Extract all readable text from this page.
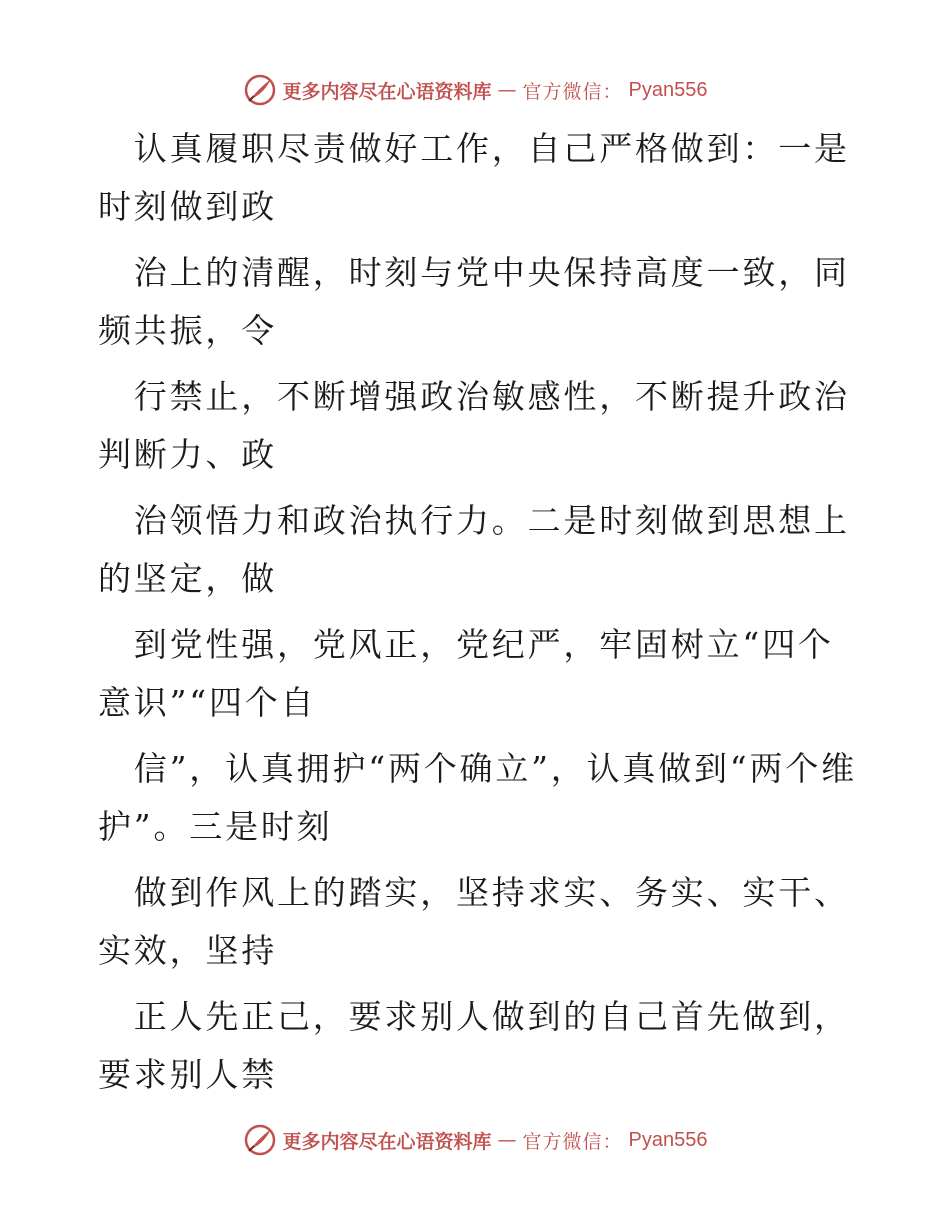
更多内容尽在心语资料库 — 官方微信： Pyan556

　认真履职尽责做好工作，自己严格做到：一是时刻做到政

　治上的清醒，时刻与党中央保持高度一致，同频共振，令

　行禁止，不断增强政治敏感性，不断提升政治判断力、政

　治领悟力和政治执行力。二是时刻做到思想上的坚定，做

　到党性强，党风正，党纪严，牢固树立“四个意识”“四个自

　信”，认真拥护“两个确立”，认真做到“两个维护”。三是时刻

　做到作风上的踏实，坚持求实、务实、实干、实效，坚持

　正人先正己，要求别人做到的自己首先做到，要求别人禁

更多内容尽在心语资料库 — 官方微信： Pyan556
